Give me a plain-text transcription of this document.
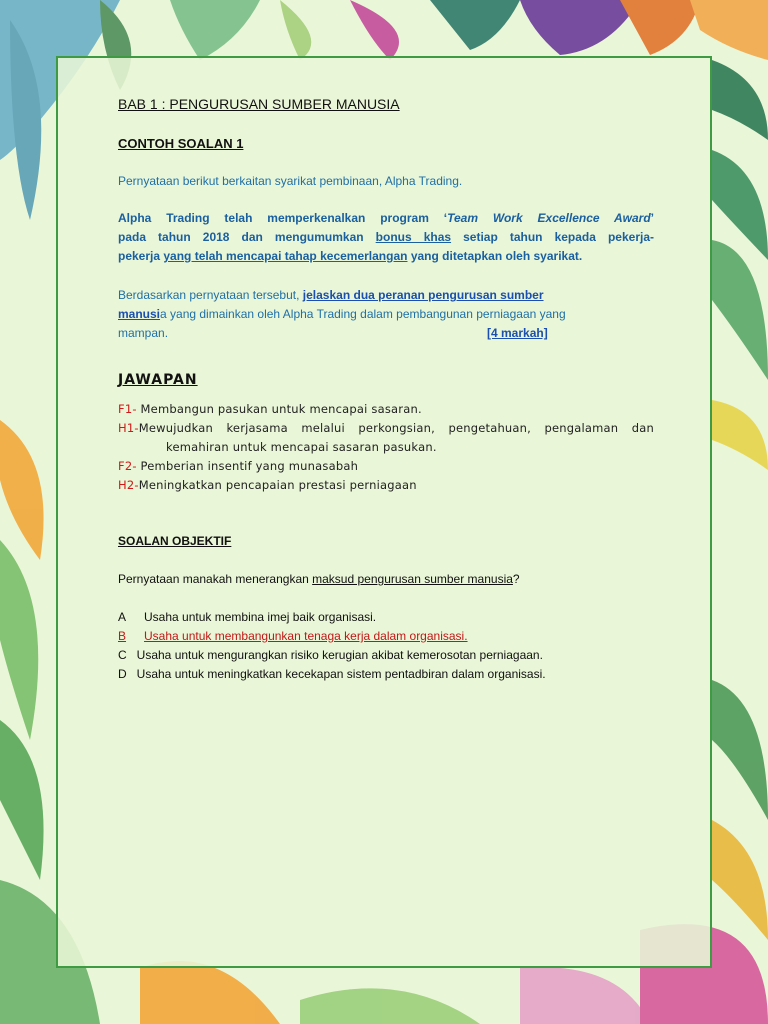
BAB 1 : PENGURUSAN SUMBER MANUSIA

CONTOH SOALAN 1

Pernyataan berikut berkaitan syarikat pembinaan, Alpha Trading.

Alpha Trading telah memperkenalkan program ‘Team Work Excellence Award’

pada tahun 2018 dan mengumumkan bonus khas setiap tahun kepada pekerja-

pekerja yang telah mencapai tahap kecemerlangan yang ditetapkan oleh syarikat.

Berdasarkan pernyataan tersebut, jelaskan dua peranan pengurusan sumber

manusia yang dimainkan oleh Alpha Trading dalam pembangunan perniagaan yang

mampan.	[4 markah]

JAWAPAN

F1- Membangun pasukan untuk mencapai sasaran.

H1-Mewujudkan kerjasama melalui perkongsian, pengetahuan, pengalaman dan

kemahiran untuk mencapai sasaran pasukan.

F2- Pemberian insentif yang munasabah

H2-Meningkatkan pencapaian prestasi perniagaan

SOALAN OBJEKTIF

Pernyataan manakah menerangkan maksud pengurusan sumber manusia?

A Usaha untuk membina imej baik organisasi.

B Usaha untuk membangunkan tenaga kerja dalam organisasi.

C Usaha untuk mengurangkan risiko kerugian akibat kemerosotan perniagaan.

D Usaha untuk meningkatkan kecekapan sistem pentadbiran dalam organisasi.
